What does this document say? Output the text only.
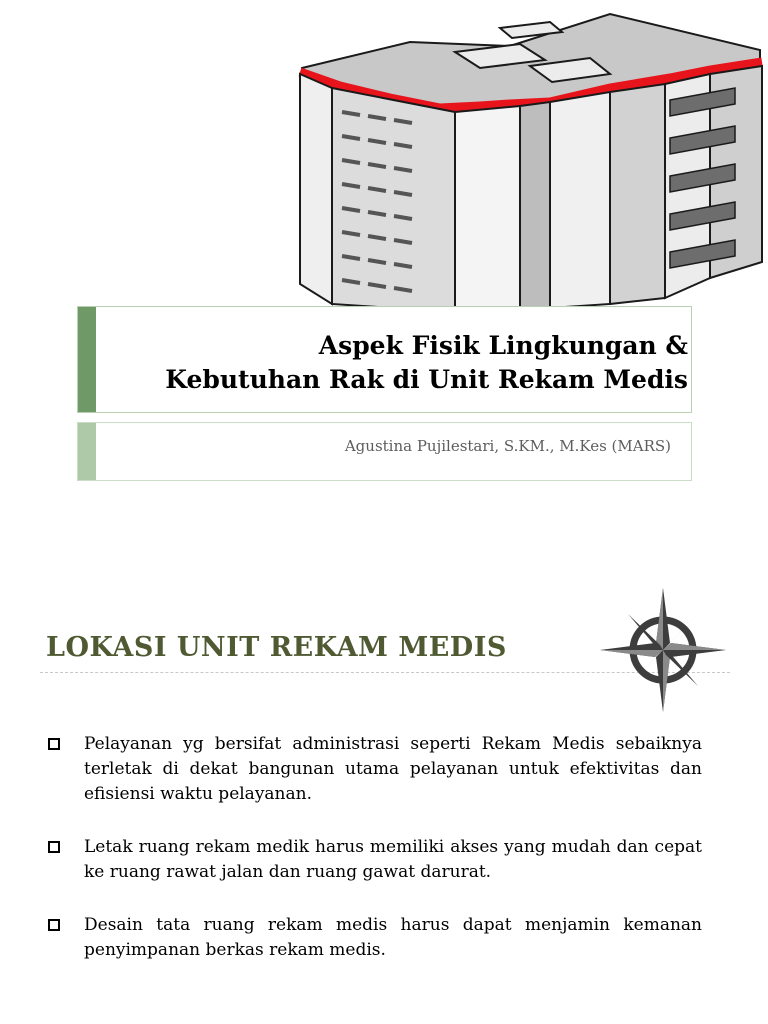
Aspek Fisik Lingkungan &
Kebutuhan Rak di Unit Rekam Medis
Agustina Pujilestari, S.KM., M.Kes (MARS)
LOKASI UNIT REKAM MEDIS
Pelayanan yg bersifat administrasi seperti Rekam Medis sebaiknya terletak di dekat bangunan utama pelayanan untuk efektivitas dan efisiensi waktu pelayanan.
Letak ruang rekam medik harus memiliki akses yang mudah dan cepat ke ruang rawat jalan dan ruang gawat darurat.
Desain tata ruang rekam medis harus dapat menjamin kemanan penyimpanan berkas rekam medis.
